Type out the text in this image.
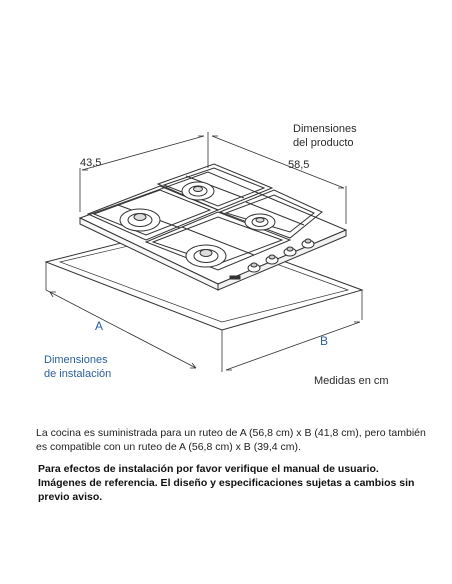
Dimensiones
del producto
43,5	58,5
A
B
Dimensiones
de instalación
Medidas en cm
La cocina es suministrada para un ruteo de A (56,8 cm) x B (41,8 cm), pero también es compatible con un ruteo de A (56,8 cm) x B (39,4 cm).
Para efectos de instalación por favor verifique el manual de usuario. Imágenes de referencia. El diseño y especificaciones sujetas a cambios sin previo aviso.
